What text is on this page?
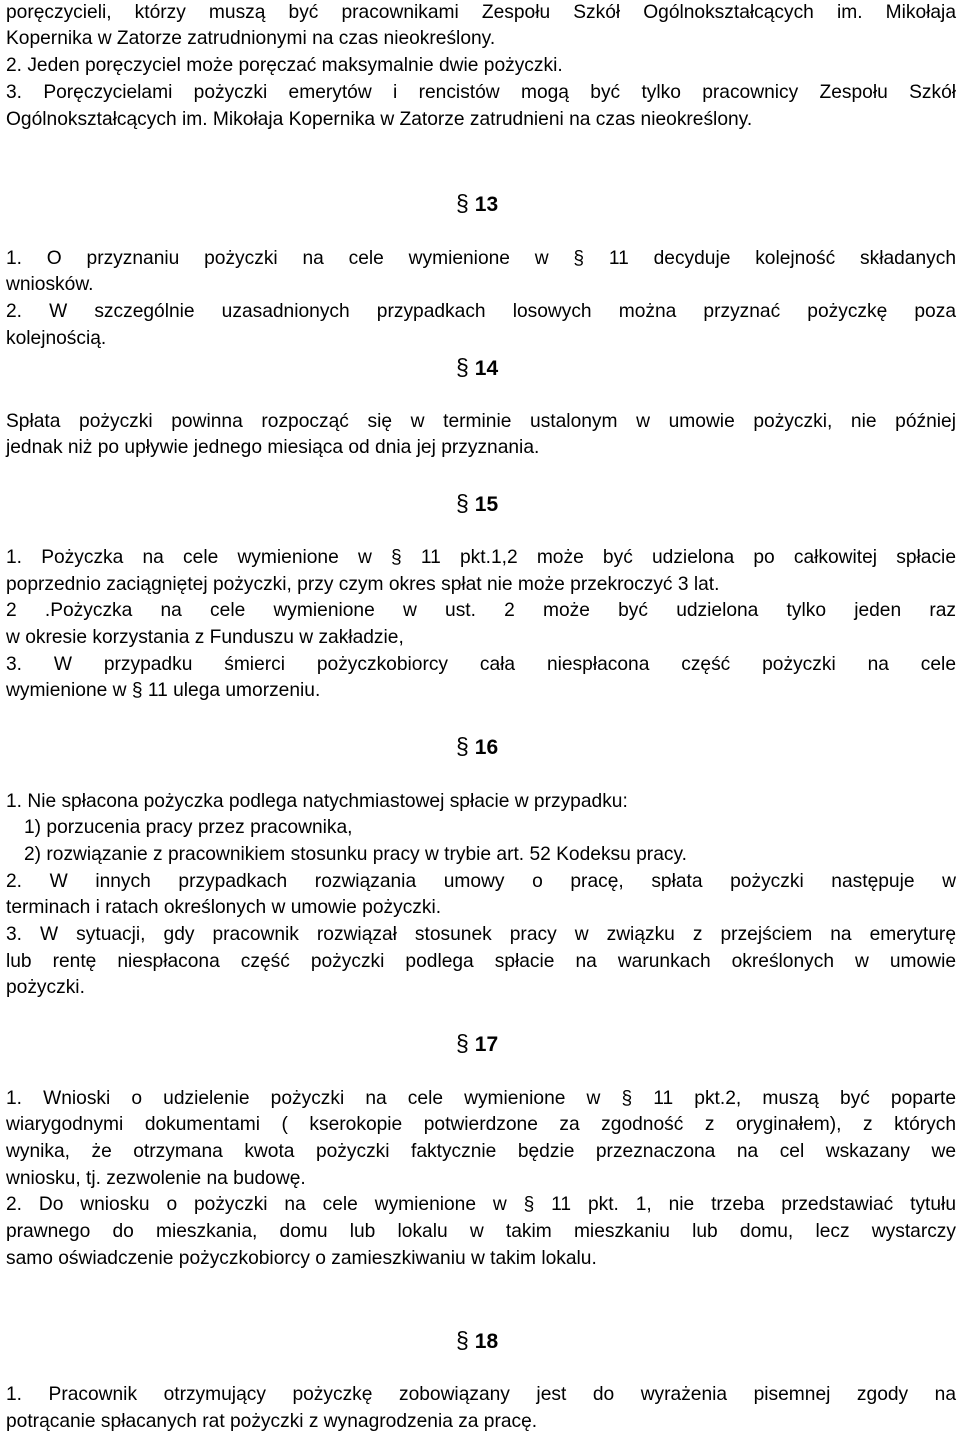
poręczycieli, którzy muszą być pracownikami Zespołu Szkół Ogólnokształcących im. Mikołaja
Kopernika w Zatorze zatrudnionymi na czas nieokreślony.
2. Jeden poręczyciel może poręczać maksymalnie dwie pożyczki.
3. Poręczycielami pożyczki emerytów i rencistów mogą być tylko pracownicy Zespołu Szkół
Ogólnokształcących im. Mikołaja Kopernika w Zatorze zatrudnieni na czas nieokreślony.
§ 13
1. O przyznaniu pożyczki na cele wymienione w § 11 decyduje kolejność składanych
wniosków.
2. W szczególnie uzasadnionych przypadkach losowych można przyznać pożyczkę poza
kolejnością.
§ 14
Spłata pożyczki powinna rozpocząć się w terminie ustalonym w umowie pożyczki, nie później
jednak niż po upływie jednego miesiąca od dnia jej przyznania.
§ 15
1. Pożyczka na cele wymienione w § 11 pkt.1,2 może być udzielona po całkowitej spłacie
poprzednio zaciągniętej pożyczki, przy czym okres spłat nie może przekroczyć 3 lat.
2 .Pożyczka na cele wymienione w ust. 2 może być udzielona tylko jeden raz
w okresie korzystania z Funduszu w zakładzie,
3. W przypadku śmierci pożyczkobiorcy cała niespłacona część pożyczki na cele
wymienione w § 11 ulega umorzeniu.
§ 16
1. Nie spłacona pożyczka podlega natychmiastowej spłacie w przypadku:
1) porzucenia pracy przez pracownika,
2) rozwiązanie z pracownikiem stosunku pracy w trybie art. 52 Kodeksu pracy.
2. W innych przypadkach rozwiązania umowy o pracę, spłata pożyczki następuje w
terminach i ratach określonych w umowie pożyczki.
3. W sytuacji, gdy pracownik rozwiązał stosunek pracy w związku z przejściem na emeryturę
lub rentę niespłacona część pożyczki podlega spłacie na warunkach określonych w umowie
pożyczki.
§ 17
1. Wnioski o udzielenie pożyczki na cele wymienione w § 11 pkt.2, muszą być poparte
wiarygodnymi dokumentami ( kserokopie potwierdzone za zgodność z oryginałem), z których
wynika, że otrzymana kwota pożyczki faktycznie będzie przeznaczona na cel wskazany we
wniosku, tj. zezwolenie na budowę.
2. Do wniosku o pożyczki na cele wymienione w § 11 pkt. 1, nie trzeba przedstawiać tytułu
prawnego do mieszkania, domu lub lokalu w takim mieszkaniu lub domu, lecz wystarczy
samo oświadczenie pożyczkobiorcy o zamieszkiwaniu w takim lokalu.
§ 18
1. Pracownik otrzymujący pożyczkę zobowiązany jest do wyrażenia pisemnej zgody na
potrącanie spłacanych rat pożyczki z wynagrodzenia za pracę.
